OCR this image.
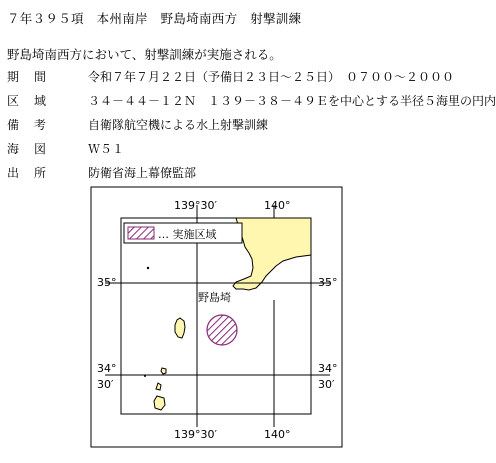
７年３９５項　本州南岸　野島埼南西方　射撃訓練
野島埼南西方において、射撃訓練が実施される。
期間 令和７年７月２２日（予備日２３日～２５日）　０７００～２０００
区域 ３４－４４－１２Ｎ　１３９－３８－４９Ｅを中心とする半径５海里の円内
備考 自衛隊航空機による水上射撃訓練
海図 Ｗ５１
出所 防衛省海上幕僚監部
… 実施区域
野島埼
139°30′	140°
139°30′	140°
35°	35°
34°
30′
34°
30′
